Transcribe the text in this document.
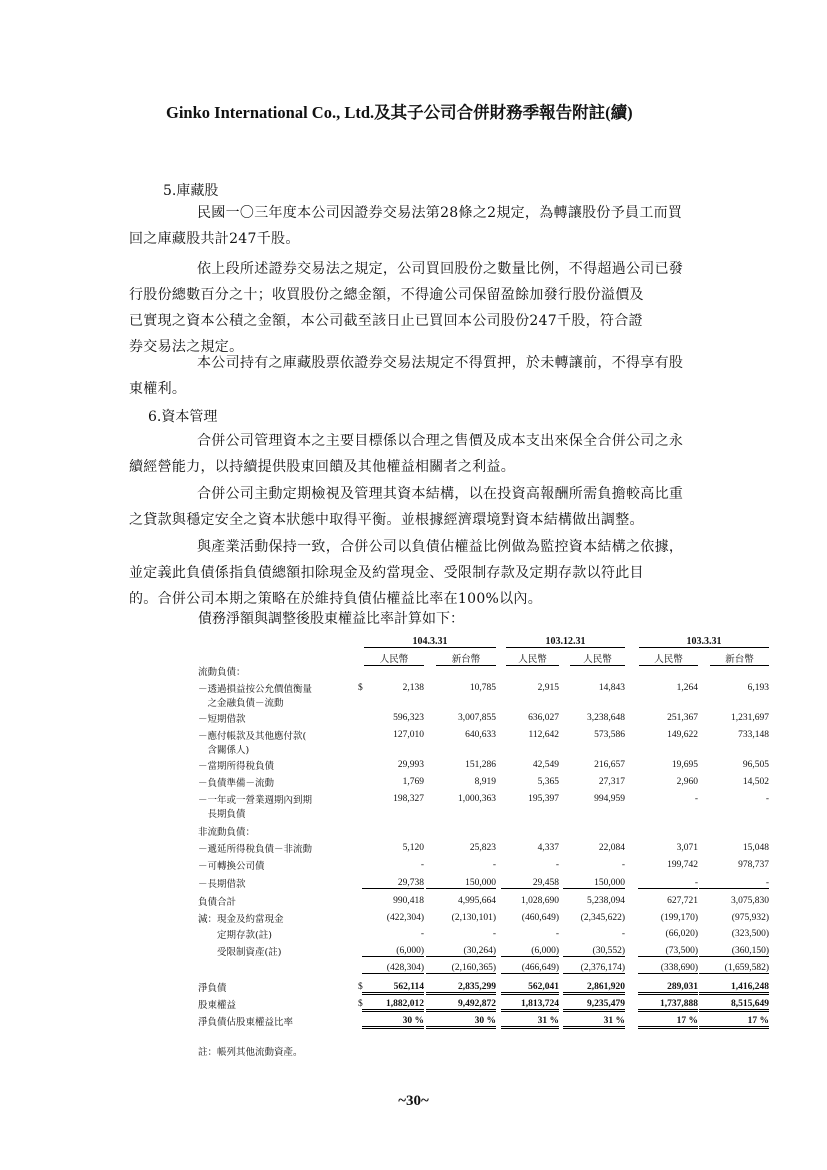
Ginko International Co., Ltd.及其子公司合併財務季報告附註(續)
5.庫藏股
民國一〇三年度本公司因證券交易法第28條之2規定，為轉讓股份予員工而買
回之庫藏股共計247千股。
依上段所述證券交易法之規定，公司買回股份之數量比例，不得超過公司已發
行股份總數百分之十；收買股份之總金額，不得逾公司保留盈餘加發行股份溢價及
已實現之資本公積之金額，本公司截至該日止已買回本公司股份247千股，符合證
券交易法之規定。
本公司持有之庫藏股票依證券交易法規定不得質押，於未轉讓前，不得享有股
東權利。
6.資本管理
合併公司管理資本之主要目標係以合理之售價及成本支出來保全合併公司之永
續經營能力，以持續提供股東回饋及其他權益相關者之利益。
合併公司主動定期檢視及管理其資本結構，以在投資高報酬所需負擔較高比重
之貸款與穩定安全之資本狀態中取得平衡。並根據經濟環境對資本結構做出調整。
與產業活動保持一致，合併公司以負債佔權益比例做為監控資本結構之依據，
並定義此負債係指負債總額扣除現金及約當現金、受限制存款及定期存款以符此目
的。合併公司本期之策略在於維持負債佔權益比率在100%以內。
債務淨額與調整後股東權益比率計算如下：
104.3.31	103.12.31	103.3.31
人民幣	新台幣	人民幣	人民幣	人民幣	新台幣
流動負債：
－透過損益按公允價值衡量
　之金融負債－流動
$	2,138	10,785	2,915	14,843	1,264	6,193
－短期借款	596,323	3,007,855	636,027	3,238,648	251,367	1,231,697
－應付帳款及其他應付款(
　含關係人)
127,010	640,633	112,642	573,586	149,622	733,148
－當期所得稅負債	29,993	151,286	42,549	216,657	19,695	96,505
－負債準備－流動	1,769	8,919	5,365	27,317	2,960	14,502
－一年或一營業週期內到期
　長期負債
198,327	1,000,363	195,397	994,959	-	-
非流動負債：
－遞延所得稅負債－非流動	5,120	25,823	4,337	22,084	3,071	15,048
－可轉換公司債	-	-	-	-	199,742	978,737
－長期借款	29,738	150,000	29,458	150,000	-	-
負債合計	990,418	4,995,664	1,028,690	5,238,094	627,721	3,075,830
減：現金及約當現金	(422,304)	(2,130,101)	(460,649)	(2,345,622)	(199,170)	(975,932)
　　定期存款(註)	-	-	-	-	(66,020)	(323,500)
　　受限制資產(註)	(6,000)	(30,264)	(6,000)	(30,552)	(73,500)	(360,150)
(428,304)	(2,160,365)	(466,649)	(2,376,174)	(338,690)	(1,659,582)
淨負債	$	562,114	2,835,299	562,041	2,861,920	289,031	1,416,248
股東權益	$	1,882,012	9,492,872	1,813,724	9,235,479	1,737,888	8,515,649
淨負債佔股東權益比率	30 %	30 %	31 %	31 %	17 %	17 %
註：帳列其他流動資產。
~30~
